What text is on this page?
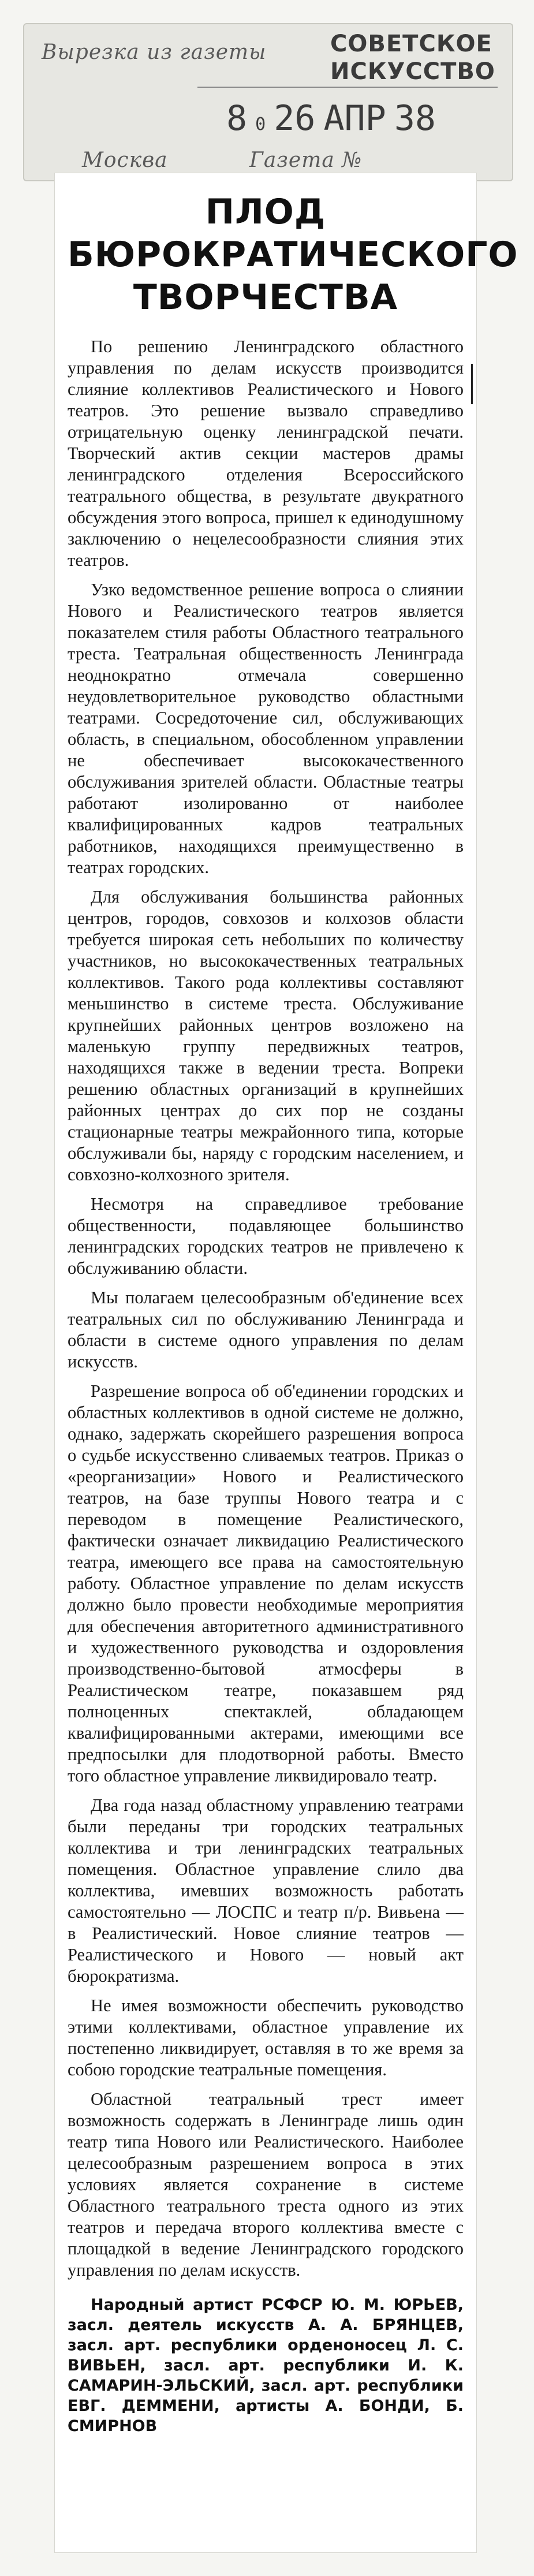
Вырезка из газеты	СОВЕТСКОЕ
ИСКУССТВО
8 0 26 АПР 38
Москва	Газета №
ПЛОД
БЮРОКРАТИЧЕСКОГО
ТВОРЧЕСТВА

По решению Ленинградского областного управления по делам искусств производится слияние коллективов Реалистического и Нового театров. Это решение вызвало справедливо отрицательную оценку ленинградской печати. Творческий актив секции мастеров драмы ленинградского отделения Всероссийского театрального общества, в результате двукратного обсуждения этого вопроса, пришел к единодушному заключению о нецелесообразности слияния этих театров.

Узко ведомственное решение вопроса о слиянии Нового и Реалистического театров является показателем стиля работы Областного театрального треста. Театральная общественность Ленинграда неоднократно отмечала совершенно неудовлетворительное руководство областными театрами. Сосредоточение сил, обслуживающих область, в специальном, обособленном управлении не обеспечивает высококачественного обслуживания зрителей области. Областные театры работают изолированно от наиболее квалифицированных кадров театральных работников, находящихся преимущественно в театрах городских.

Для обслуживания большинства районных центров, городов, совхозов и колхозов области требуется широкая сеть небольших по количеству участников, но высококачественных театральных коллективов. Такого рода коллективы составляют меньшинство в системе треста. Обслуживание крупнейших районных центров возложено на маленькую группу передвижных театров, находящихся также в ведении треста. Вопреки решению областных организаций в крупнейших районных центрах до сих пор не созданы стационарные театры межрайонного типа, которые обслуживали бы, наряду с городским населением, и совхозно-колхозного зрителя.

Несмотря на справедливое требование общественности, подавляющее большинство ленинградских городских театров не привлечено к обслуживанию области.

Мы полагаем целесообразным об'единение всех театральных сил по обслуживанию Ленинграда и области в системе одного управления по делам искусств.

Разрешение вопроса об об'единении городских и областных коллективов в одной системе не должно, однако, задержать скорейшего разрешения вопроса о судьбе искусственно сливаемых театров. Приказ о «реорганизации» Нового и Реалистического театров, на базе труппы Нового театра и с переводом в помещение Реалистического, фактически означает ликвидацию Реалистического театра, имеющего все права на самостоятельную работу. Областное управление по делам искусств должно было провести необходимые мероприятия для обеспечения авторитетного административного и художественного руководства и оздоровления производственно-бытовой атмосферы в Реалистическом театре, показавшем ряд полноценных спектаклей, обладающем квалифицированными актерами, имеющими все предпосылки для плодотворной работы. Вместо того областное управление ликвидировало театр.

Два года назад областному управлению театрами были переданы три городских театральных коллектива и три ленинградских театральных помещения. Областное управление слило два коллектива, имевших возможность работать самостоятельно — ЛОСПС и театр п/р. Вивьена — в Реалистический. Новое слияние театров — Реалистического и Нового — новый акт бюрократизма.

Не имея возможности обеспечить руководство этими коллективами, областное управление их постепенно ликвидирует, оставляя в то же время за собою городские театральные помещения.

Областной театральный трест имеет возможность содержать в Ленинграде лишь один театр типа Нового или Реалистического. Наиболее целесообразным разрешением вопроса в этих условиях является сохранение в системе Областного театрального треста одного из этих театров и передача второго коллектива вместе с площадкой в ведение Ленинградского городского управления по делам искусств.

Народный артист РСФСР Ю. М. ЮРЬЕВ, засл. деятель искусств А. А. БРЯНЦЕВ, засл. арт. республики орденоносец Л. С. ВИВЬЕН, засл. арт. республики И. К. САМАРИН-ЭЛЬСКИЙ, засл. арт. республики ЕВГ. ДЕММЕНИ, артисты А. БОНДИ, Б. СМИРНОВ
